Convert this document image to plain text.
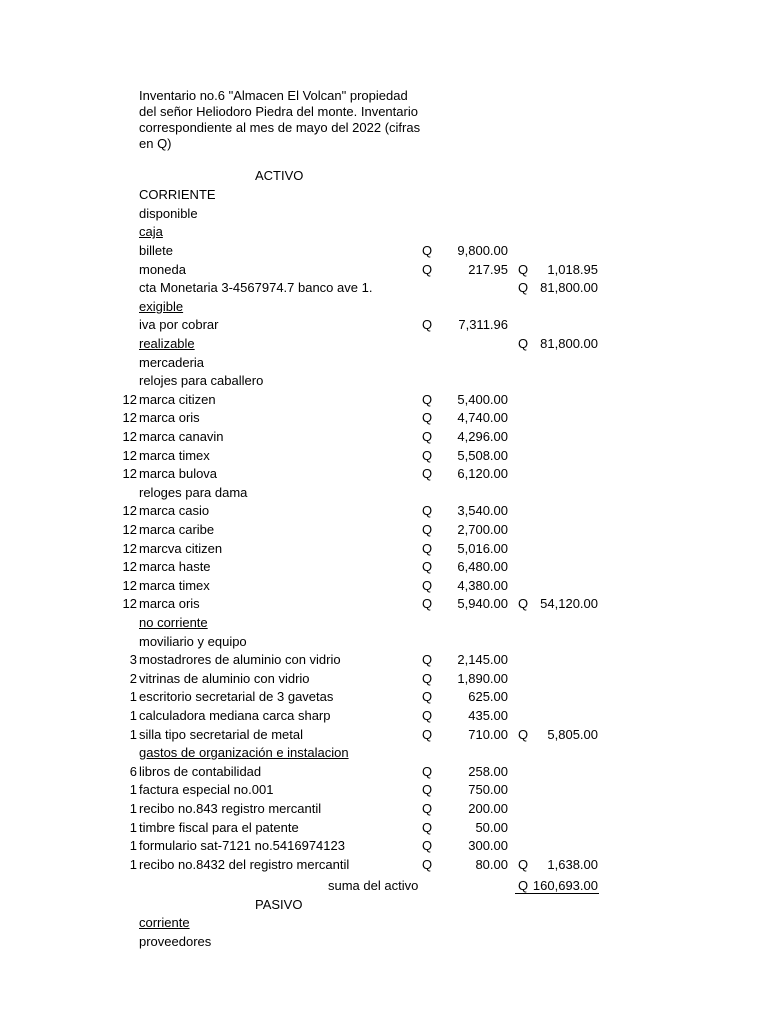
Inventario no.6 "Almacen El Volcan" propiedad del señor Heliodoro Piedra del monte. Inventario correspondiente al mes de mayo del 2022 (cifras en Q)
ACTIVO
CORRIENTE
disponible
caja
billete	Q	9,800.00
moneda	Q	217.95 Q	1,018.95
cta Monetaria 3-4567974.7 banco ave 1.	Q 81,800.00
exigible
iva por cobrar	Q	7,311.96
realizable	Q 81,800.00
mercaderia
relojes para caballero
12 marca citizen	Q	5,400.00
12 marca oris	Q	4,740.00
12 marca canavin	Q	4,296.00
12 marca timex	Q	5,508.00
12 marca bulova	Q	6,120.00
reloges para dama
12 marca casio	Q	3,540.00
12 marca caribe	Q	2,700.00
12 marcva citizen	Q	5,016.00
12 marca haste	Q	6,480.00
12 marca timex	Q	4,380.00
12 marca oris	Q	5,940.00 Q 54,120.00
no corriente
moviliario y equipo
3 mostadrores de aluminio con vidrio	Q	2,145.00
2 vitrinas de aluminio con vidrio	Q	1,890.00
1 escritorio secretarial de 3 gavetas	Q	625.00
1 calculadora mediana carca sharp	Q	435.00
1 silla tipo secretarial de metal	Q	710.00 Q	5,805.00
gastos de organización e instalacion
6 libros de contabilidad	Q	258.00
1 factura especial no.001	Q	750.00
1 recibo no.843 registro mercantil	Q	200.00
1 timbre fiscal para el patente	Q	50.00
1 formulario sat-7121 no.5416974123	Q	300.00
1 recibo no.8432 del registro mercantil	Q	80.00 Q	1,638.00
suma del activo	Q 160,693.00
PASIVO
corriente
proveedores
